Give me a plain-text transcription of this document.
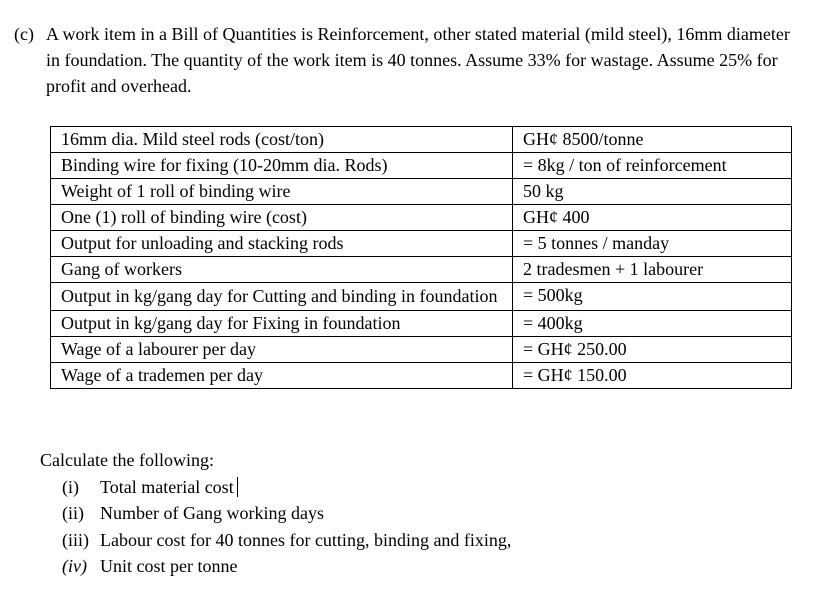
(c) A work item in a Bill of Quantities is Reinforcement, other stated material (mild steel), 16mm diameter in foundation. The quantity of the work item is 40 tonnes. Assume 33% for wastage. Assume 25% for profit and overhead.
16mm dia. Mild steel rods (cost/ton)	GH¢ 8500/tonne
Binding wire for fixing (10-20mm dia. Rods)	= 8kg / ton of reinforcement
Weight of 1 roll of binding wire	50 kg
One (1) roll of binding wire (cost)	GH¢ 400
Output for unloading and stacking rods	= 5 tonnes / manday
Gang of workers	2 tradesmen + 1 labourer
Output in kg/gang day for Cutting and binding in foundation	= 500kg
Output in kg/gang day for Fixing in foundation	= 400kg
Wage of a labourer per day	= GH¢ 250.00
Wage of a trademen per day	= GH¢ 150.00
Calculate the following:
(i) Total material cost
(ii) Number of Gang working days
(iii) Labour cost for 40 tonnes for cutting, binding and fixing,
(iv) Unit cost per tonne
